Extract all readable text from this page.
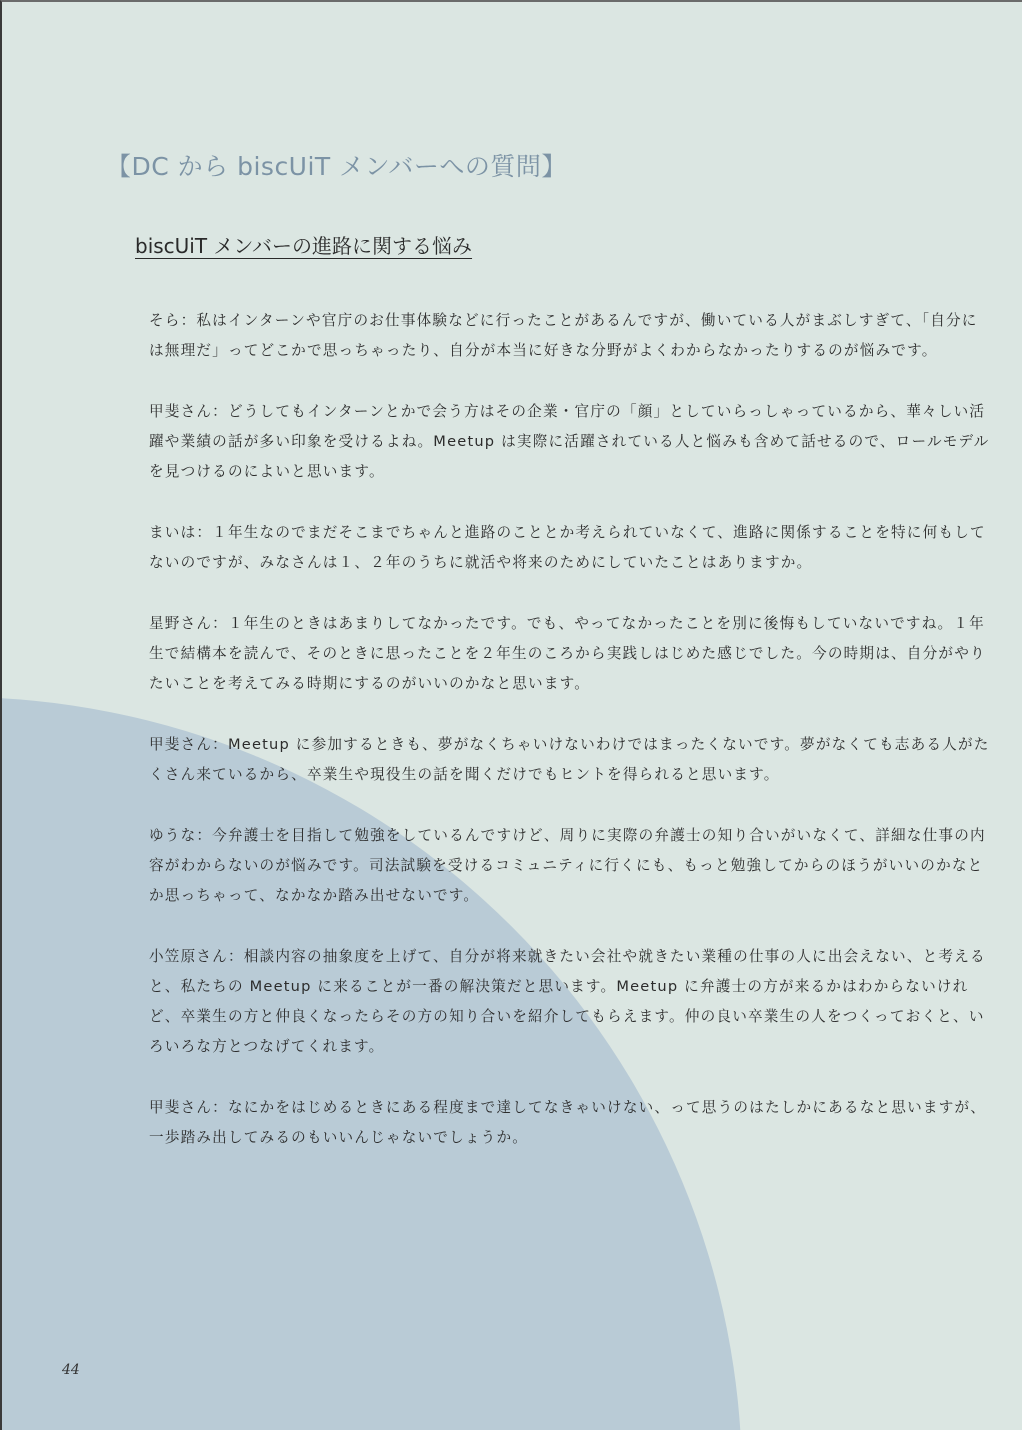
【DC から biscUiT メンバーへの質問】
biscUiT メンバーの進路に関する悩み

そら：私はインターンや官庁のお仕事体験などに行ったことがあるんですが、働いている人がまぶしすぎて、「自分には無理だ」ってどこかで思っちゃったり、自分が本当に好きな分野がよくわからなかったりするのが悩みです。

甲斐さん：どうしてもインターンとかで会う方はその企業・官庁の「顔」としていらっしゃっているから、華々しい活躍や業績の話が多い印象を受けるよね。Meetup は実際に活躍されている人と悩みも含めて話せるので、ロールモデルを見つけるのによいと思います。

まいは：１年生なのでまだそこまでちゃんと進路のこととか考えられていなくて、進路に関係することを特に何もしてないのですが、みなさんは１、２年のうちに就活や将来のためにしていたことはありますか。

星野さん：１年生のときはあまりしてなかったです。でも、やってなかったことを別に後悔もしていないですね。１年生で結構本を読んで、そのときに思ったことを２年生のころから実践しはじめた感じでした。今の時期は、自分がやりたいことを考えてみる時期にするのがいいのかなと思います。

甲斐さん：Meetup に参加するときも、夢がなくちゃいけないわけではまったくないです。夢がなくても志ある人がたくさん来ているから、卒業生や現役生の話を聞くだけでもヒントを得られると思います。

ゆうな：今弁護士を目指して勉強をしているんですけど、周りに実際の弁護士の知り合いがいなくて、詳細な仕事の内容がわからないのが悩みです。司法試験を受けるコミュニティに行くにも、もっと勉強してからのほうがいいのかなとか思っちゃって、なかなか踏み出せないです。

小笠原さん：相談内容の抽象度を上げて、自分が将来就きたい会社や就きたい業種の仕事の人に出会えない、と考えると、私たちの Meetup に来ることが一番の解決策だと思います。Meetup に弁護士の方が来るかはわからないけれど、卒業生の方と仲良くなったらその方の知り合いを紹介してもらえます。仲の良い卒業生の人をつくっておくと、いろいろな方とつなげてくれます。

甲斐さん：なにかをはじめるときにある程度まで達してなきゃいけない、って思うのはたしかにあるなと思いますが、一歩踏み出してみるのもいいんじゃないでしょうか。

44
